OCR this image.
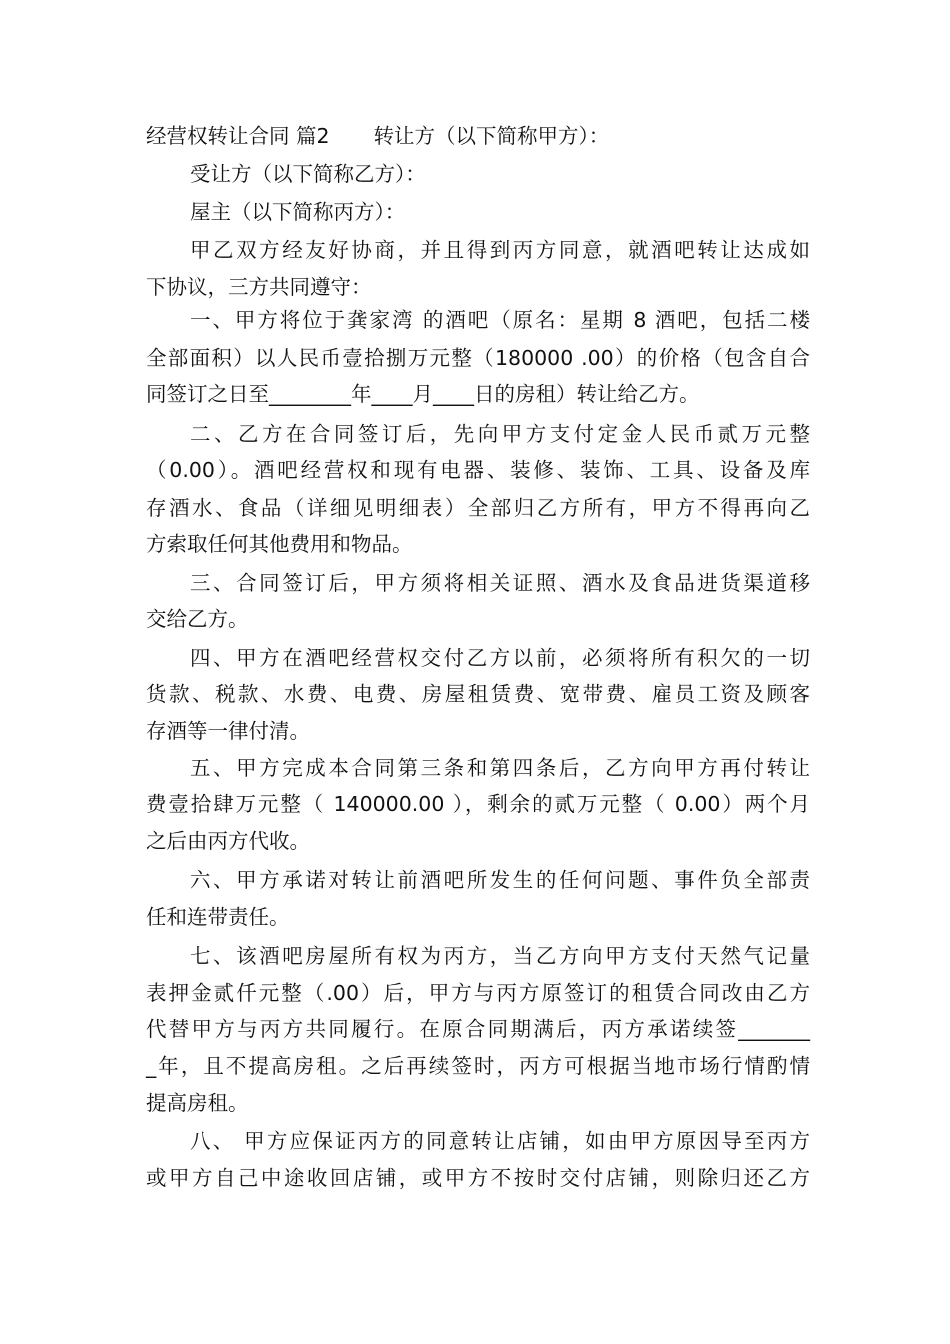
经营权转让合同 篇2 转让方（以下简称甲方）：
受让方（以下简称乙方）：
屋主（以下简称丙方）：
甲乙双方经友好协商，并且得到丙方同意，就酒吧转让达成如
下协议，三方共同遵守：
一、甲方将位于龚家湾 的酒吧（原名：星期 8 酒吧，包括二楼
全部面积）以人民币壹拾捌万元整（180000 .00）的价格（包含自合
同签订之日至________年____月____日的房租）转让给乙方。
二、乙方在合同签订后，先向甲方支付定金人民币贰万元整
（0.00）。酒吧经营权和现有电器、装修、装饰、工具、设备及库
存酒水、食品（详细见明细表）全部归乙方所有，甲方不得再向乙
方索取任何其他费用和物品。
三、合同签订后，甲方须将相关证照、酒水及食品进货渠道移
交给乙方。
四、甲方在酒吧经营权交付乙方以前，必须将所有积欠的一切
货款、税款、水费、电费、房屋租赁费、宽带费、雇员工资及顾客
存酒等一律付清。
五、甲方完成本合同第三条和第四条后，乙方向甲方再付转让
费壹拾肆万元整（ 140000.00 ），剩余的贰万元整（ 0.00）两个月
之后由丙方代收。
六、甲方承诺对转让前酒吧所发生的任何问题、事件负全部责
任和连带责任。
七、该酒吧房屋所有权为丙方，当乙方向甲方支付天然气记量
表押金贰仟元整（.00）后，甲方与丙方原签订的租赁合同改由乙方
代替甲方与丙方共同履行。在原合同期满后，丙方承诺续签_______
_年，且不提高房租。之后再续签时，丙方可根据当地市场行情酌情
提高房租。
八、 甲方应保证丙方的同意转让店铺，如由甲方原因导至丙方
或甲方自己中途收回店铺，或甲方不按时交付店铺，则除归还乙方
